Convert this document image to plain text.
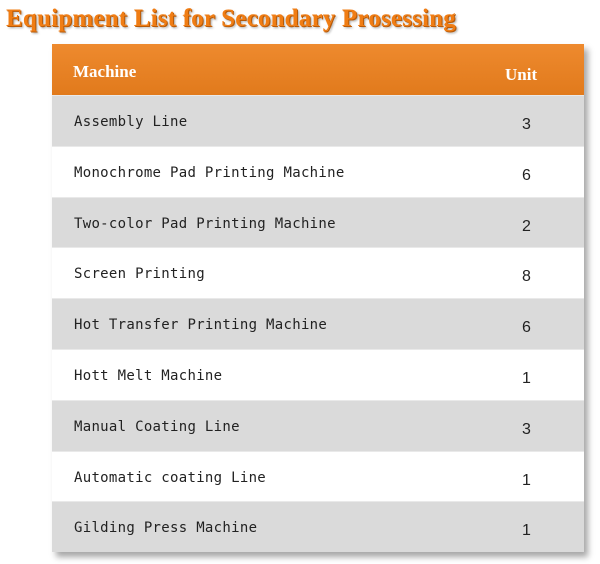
Equipment List for Secondary Prosessing
Machine	Unit
Assembly Line	3
Monochrome Pad Printing Machine	6
Two-color Pad Printing Machine	2
Screen Printing	8
Hot Transfer Printing Machine	6
Hott Melt Machine	1
Manual Coating Line	3
Automatic coating Line	1
Gilding Press Machine	1
